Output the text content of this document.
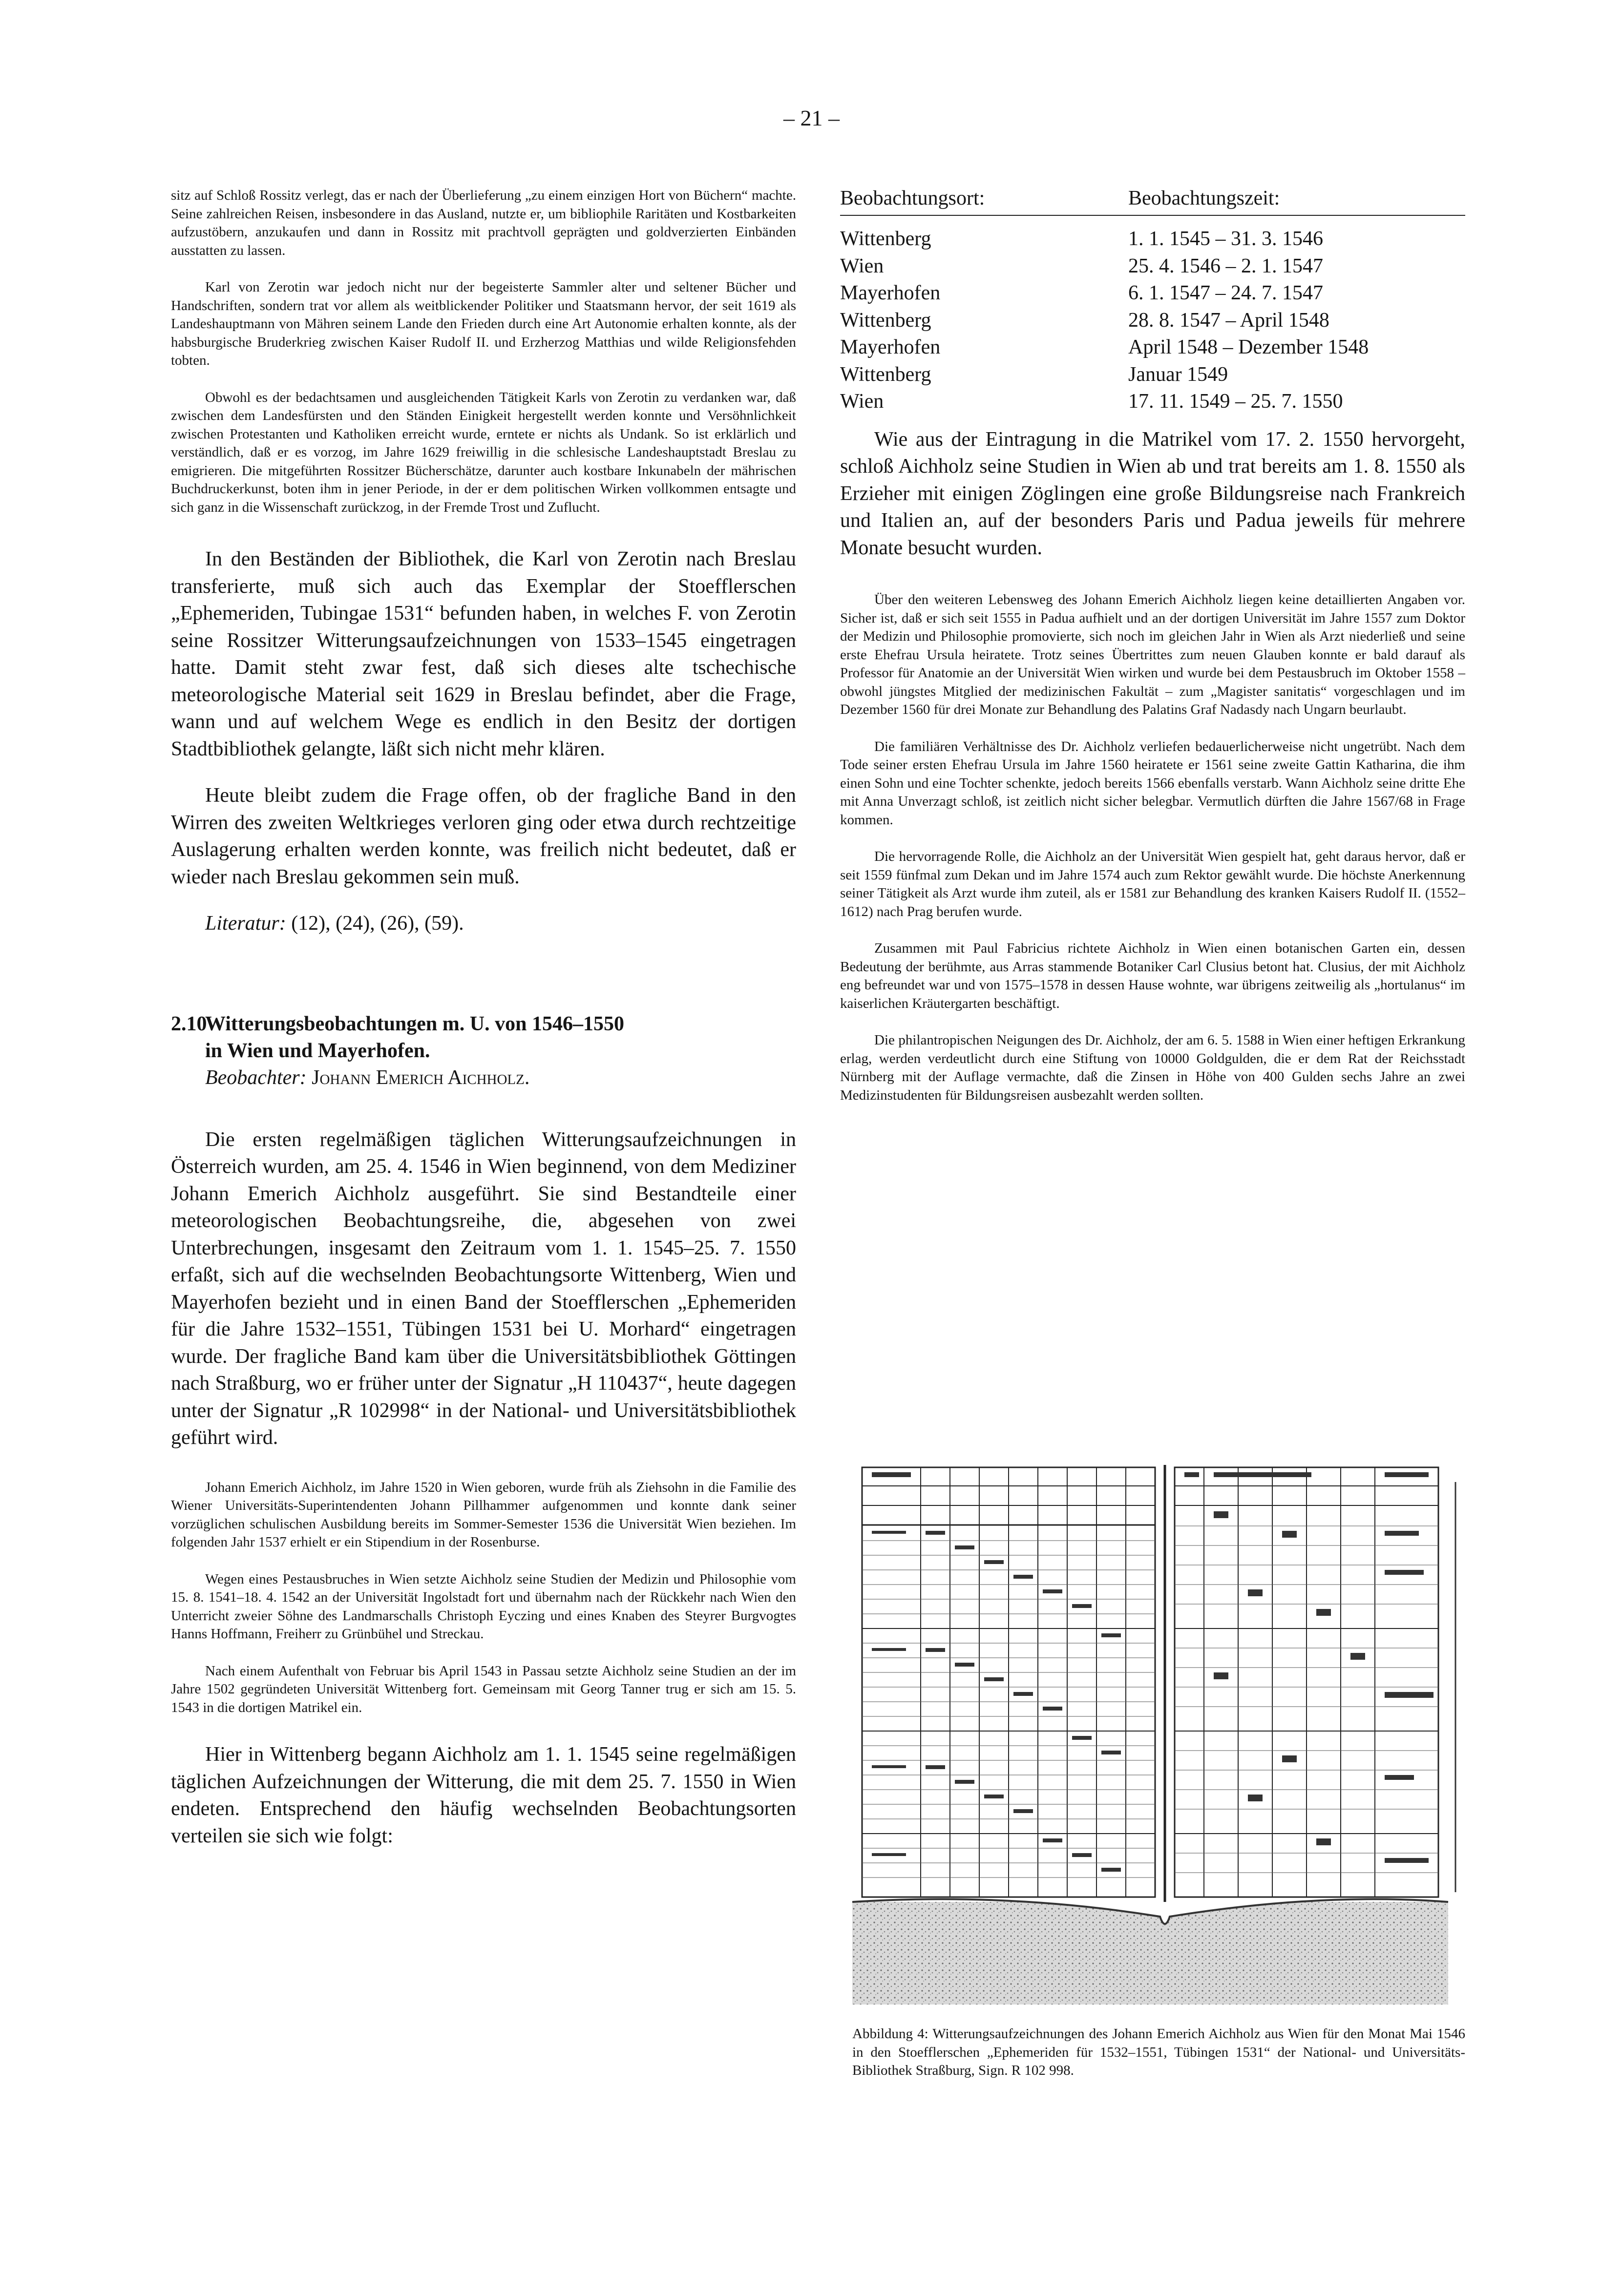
– 21 –

sitz auf Schloß Rossitz verlegt, das er nach der Überlieferung „zu einem einzigen Hort von Büchern“ machte. Seine zahlreichen Reisen, insbesondere in das Ausland, nutzte er, um bibliophile Raritäten und Kostbarkeiten aufzustöbern, anzukaufen und dann in Rossitz mit prachtvoll geprägten und goldverzierten Einbänden ausstatten zu lassen.

Karl von Zerotin war jedoch nicht nur der begeisterte Sammler alter und seltener Bücher und Handschriften, sondern trat vor allem als weitblickender Politiker und Staatsmann hervor, der seit 1619 als Landeshauptmann von Mähren seinem Lande den Frieden durch eine Art Autonomie erhalten konnte, als der habsburgische Bruderkrieg zwischen Kaiser Rudolf II. und Erzherzog Matthias und wilde Religionsfehden tobten.

Obwohl es der bedachtsamen und ausgleichenden Tätigkeit Karls von Zerotin zu verdanken war, daß zwischen dem Landesfürsten und den Ständen Einigkeit hergestellt werden konnte und Versöhnlichkeit zwischen Protestanten und Katholiken erreicht wurde, erntete er nichts als Undank. So ist erklärlich und verständlich, daß er es vorzog, im Jahre 1629 freiwillig in die schlesische Landeshauptstadt Breslau zu emigrieren. Die mitgeführten Rossitzer Bücherschätze, darunter auch kostbare Inkunabeln der mährischen Buchdruckerkunst, boten ihm in jener Periode, in der er dem politischen Wirken vollkommen entsagte und sich ganz in die Wissenschaft zurückzog, in der Fremde Trost und Zuflucht.

In den Beständen der Bibliothek, die Karl von Zerotin nach Breslau transferierte, muß sich auch das Exemplar der Stoefflerschen „Ephemeriden, Tubingae 1531“ befunden haben, in welches F. von Zerotin seine Rossitzer Witterungsaufzeichnungen von 1533–1545 eingetragen hatte. Damit steht zwar fest, daß sich dieses alte tschechische meteorologische Material seit 1629 in Breslau befindet, aber die Frage, wann und auf welchem Wege es endlich in den Besitz der dortigen Stadtbibliothek gelangte, läßt sich nicht mehr klären.

Heute bleibt zudem die Frage offen, ob der fragliche Band in den Wirren des zweiten Weltkrieges verloren ging oder etwa durch rechtzeitige Auslagerung erhalten werden konnte, was freilich nicht bedeutet, daß er wieder nach Breslau gekommen sein muß.

Literatur: (12), (24), (26), (59).

2.10Witterungsbeobachtungen m. U. von 1546–1550
in Wien und Mayerhofen.
Beobachter: Johann Emerich Aichholz.

Die ersten regelmäßigen täglichen Witterungsaufzeichnungen in Österreich wurden, am 25. 4. 1546 in Wien beginnend, von dem Mediziner Johann Emerich Aichholz ausgeführt. Sie sind Bestandteile einer meteorologischen Beobachtungsreihe, die, abgesehen von zwei Unterbrechungen, insgesamt den Zeitraum vom 1. 1. 1545–25. 7. 1550 erfaßt, sich auf die wechselnden Beobachtungsorte Wittenberg, Wien und Mayerhofen bezieht und in einen Band der Stoefflerschen „Ephemeriden für die Jahre 1532–1551, Tübingen 1531 bei U. Morhard“ eingetragen wurde. Der fragliche Band kam über die Universitätsbibliothek Göttingen nach Straßburg, wo er früher unter der Signatur „H 110437“, heute dagegen unter der Signatur „R 102998“ in der National- und Universitätsbibliothek geführt wird.

Johann Emerich Aichholz, im Jahre 1520 in Wien geboren, wurde früh als Ziehsohn in die Familie des Wiener Universitäts-Superintendenten Johann Pillhammer aufgenommen und konnte dank seiner vorzüglichen schulischen Ausbildung bereits im Sommer-Semester 1536 die Universität Wien beziehen. Im folgenden Jahr 1537 erhielt er ein Stipendium in der Rosenburse.

Wegen eines Pestausbruches in Wien setzte Aichholz seine Studien der Medizin und Philosophie vom 15. 8. 1541–18. 4. 1542 an der Universität Ingolstadt fort und übernahm nach der Rückkehr nach Wien den Unterricht zweier Söhne des Landmarschalls Christoph Eyczing und eines Knaben des Steyrer Burgvogtes Hanns Hoffmann, Freiherr zu Grünbühel und Streckau.

Nach einem Aufenthalt von Februar bis April 1543 in Passau setzte Aichholz seine Studien an der im Jahre 1502 gegründeten Universität Wittenberg fort. Gemeinsam mit Georg Tanner trug er sich am 15. 5. 1543 in die dortigen Matrikel ein.

Hier in Wittenberg begann Aichholz am 1. 1. 1545 seine regelmäßigen täglichen Aufzeichnungen der Witterung, die mit dem 25. 7. 1550 in Wien endeten. Entsprechend den häufig wechselnden Beobachtungsorten verteilen sie sich wie folgt:

Beobachtungsort:	Beobachtungszeit:
Wittenberg	1. 1. 1545 – 31. 3. 1546
Wien	25. 4. 1546 – 2. 1. 1547
Mayerhofen	6. 1. 1547 – 24. 7. 1547
Wittenberg	28. 8. 1547 – April 1548
Mayerhofen	April 1548 – Dezember 1548
Wittenberg	Januar 1549
Wien	17. 11. 1549 – 25. 7. 1550

Wie aus der Eintragung in die Matrikel vom 17. 2. 1550 hervorgeht, schloß Aichholz seine Studien in Wien ab und trat bereits am 1. 8. 1550 als Erzieher mit einigen Zöglingen eine große Bildungsreise nach Frankreich und Italien an, auf der besonders Paris und Padua jeweils für mehrere Monate besucht wurden.

Über den weiteren Lebensweg des Johann Emerich Aichholz liegen keine detaillierten Angaben vor. Sicher ist, daß er sich seit 1555 in Padua aufhielt und an der dortigen Universität im Jahre 1557 zum Doktor der Medizin und Philosophie promovierte, sich noch im gleichen Jahr in Wien als Arzt niederließ und seine erste Ehefrau Ursula heiratete. Trotz seines Übertrittes zum neuen Glauben konnte er bald darauf als Professor für Anatomie an der Universität Wien wirken und wurde bei dem Pestausbruch im Oktober 1558 – obwohl jüngstes Mitglied der medizinischen Fakultät – zum „Magister sanitatis“ vorgeschlagen und im Dezember 1560 für drei Monate zur Behandlung des Palatins Graf Nadasdy nach Ungarn beurlaubt.

Die familiären Verhältnisse des Dr. Aichholz verliefen bedauerlicherweise nicht ungetrübt. Nach dem Tode seiner ersten Ehefrau Ursula im Jahre 1560 heiratete er 1561 seine zweite Gattin Katharina, die ihm einen Sohn und eine Tochter schenkte, jedoch bereits 1566 ebenfalls verstarb. Wann Aichholz seine dritte Ehe mit Anna Unverzagt schloß, ist zeitlich nicht sicher belegbar. Vermutlich dürften die Jahre 1567/68 in Frage kommen.

Die hervorragende Rolle, die Aichholz an der Universität Wien gespielt hat, geht daraus hervor, daß er seit 1559 fünfmal zum Dekan und im Jahre 1574 auch zum Rektor gewählt wurde. Die höchste Anerkennung seiner Tätigkeit als Arzt wurde ihm zuteil, als er 1581 zur Behandlung des kranken Kaisers Rudolf II. (1552–1612) nach Prag berufen wurde.

Zusammen mit Paul Fabricius richtete Aichholz in Wien einen botanischen Garten ein, dessen Bedeutung der berühmte, aus Arras stammende Botaniker Carl Clusius betont hat. Clusius, der mit Aichholz eng befreundet war und von 1575–1578 in dessen Hause wohnte, war übrigens zeitweilig als „hortulanus“ im kaiserlichen Kräutergarten beschäftigt.

Die philantropischen Neigungen des Dr. Aichholz, der am 6. 5. 1588 in Wien einer heftigen Erkrankung erlag, werden verdeutlicht durch eine Stiftung von 10000 Goldgulden, die er dem Rat der Reichsstadt Nürnberg mit der Auflage vermachte, daß die Zinsen in Höhe von 400 Gulden sechs Jahre an zwei Medizinstudenten für Bildungsreisen ausbezahlt werden sollten.

Abbildung 4: Witterungsaufzeichnungen des Johann Emerich Aichholz aus Wien für den Monat Mai 1546 in den Stoefflerschen „Ephemeriden für 1532–1551, Tübingen 1531“ der National- und Universitäts-Bibliothek Straßburg, Sign. R 102 998.
